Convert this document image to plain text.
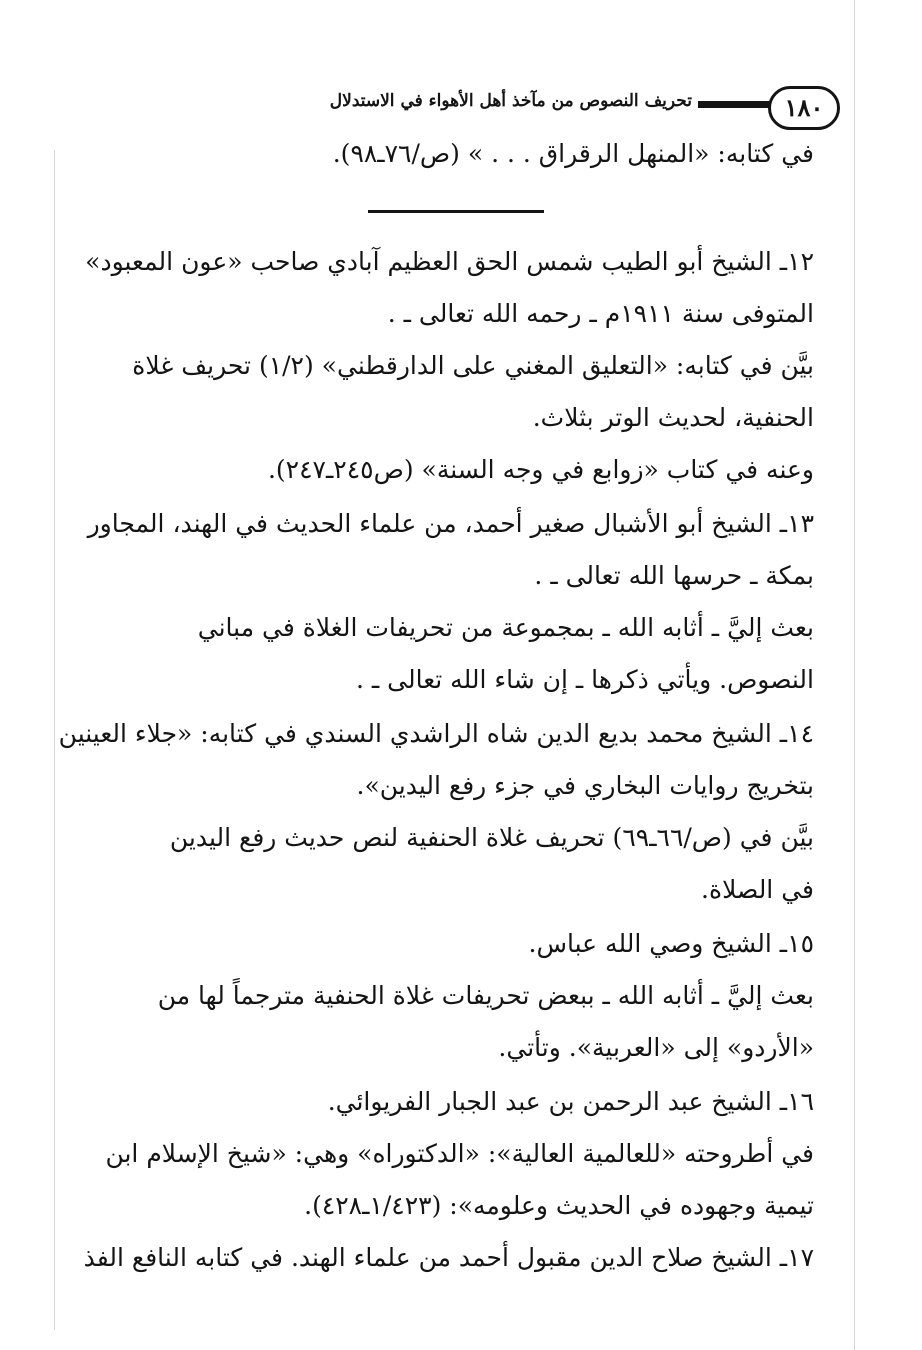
١٨٠
تحريف النصوص من مآخذ أهل الأهواء في الاستدلال
في كتابه: «المنهل الرقراق . . . » (ص/٧٦ـ٩٨).
١٢ـ الشيخ أبو الطيب شمس الحق العظيم آبادي صاحب «عون المعبود»
المتوفى سنة ١٩١١م ـ رحمه الله تعالى ـ .
بيَّن في كتابه: «التعليق المغني على الدارقطني» (١/٢) تحريف غلاة
الحنفية، لحديث الوتر بثلاث.
وعنه في كتاب «زوابع في وجه السنة» (ص٢٤٥ـ٢٤٧).
١٣ـ الشيخ أبو الأشبال صغير أحمد، من علماء الحديث في الهند، المجاور
بمكة ـ حرسها الله تعالى ـ .
بعث إليَّ ـ أثابه الله ـ بمجموعة من تحريفات الغلاة في مباني
النصوص. ويأتي ذكرها ـ إن شاء الله تعالى ـ .
١٤ـ الشيخ محمد بديع الدين شاه الراشدي السندي في كتابه: «جلاء العينين
بتخريج روايات البخاري في جزء رفع اليدين».
بيَّن في (ص/٦٦ـ٦٩) تحريف غلاة الحنفية لنص حديث رفع اليدين
في الصلاة.
١٥ـ الشيخ وصي الله عباس.
بعث إليَّ ـ أثابه الله ـ ببعض تحريفات غلاة الحنفية مترجماً لها من
«الأردو» إلى «العربية». وتأتي.
١٦ـ الشيخ عبد الرحمن بن عبد الجبار الفريوائي.
في أطروحته «للعالمية العالية»: «الدكتوراه» وهي: «شيخ الإسلام ابن
تيمية وجهوده في الحديث وعلومه»: (١/٤٢٣ـ٤٢٨).
١٧ـ الشيخ صلاح الدين مقبول أحمد من علماء الهند. في كتابه النافع الفذ
